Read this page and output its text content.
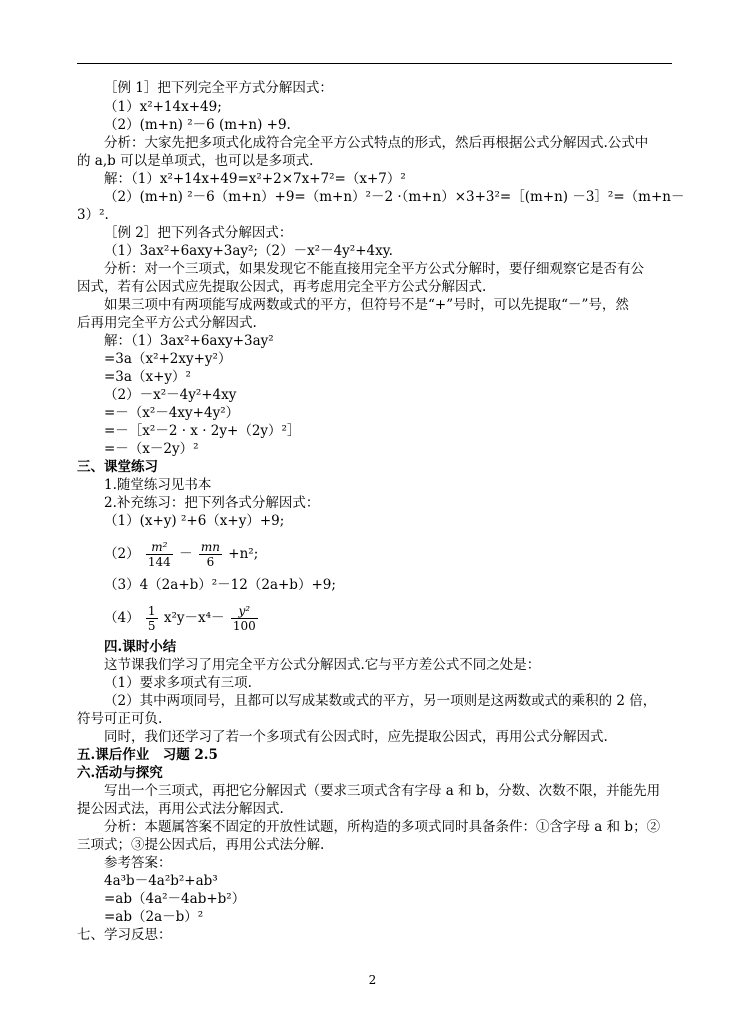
［例 1］把下列完全平方式分解因式：
（1）x²+14x+49;
（2）(m+n) ²－6 (m+n) +9.
分析：大家先把多项式化成符合完全平方公式特点的形式，然后再根据公式分解因式.公式中
的 a,b 可以是单项式，也可以是多项式.
解：（1）x²+14x+49=x²+2×7x+7²=（x+7）²
（2）(m+n) ²－6（m+n）+9=（m+n）²－2 ·（m+n）×3+3²=［(m+n) －3］²=（m+n－
3）².
［例 2］把下列各式分解因式：
（1）3ax²+6axy+3ay²;（2）－x²－4y²+4xy.
分析：对一个三项式，如果发现它不能直接用完全平方公式分解时，要仔细观察它是否有公
因式，若有公因式应先提取公因式，再考虑用完全平方公式分解因式.
如果三项中有两项能写成两数或式的平方，但符号不是“+”号时，可以先提取“－”号，然
后再用完全平方公式分解因式.
解：（1）3ax²+6axy+3ay²
=3a（x²+2xy+y²）
=3a（x+y）²
（2）－x²－4y²+4xy
=－（x²－4xy+4y²）
=－［x²－2 · x · 2y+（2y）²］
=－（x－2y）²
三、课堂练习
1.随堂练习见书本
2.补充练习：把下列各式分解因式：
（1）(x+y) ²+6（x+y）+9;
（3）4（2a+b）²－12（2a+b）+9;
四.课时小结
这节课我们学习了用完全平方公式分解因式.它与平方差公式不同之处是：
（1）要求多项式有三项.
（2）其中两项同号，且都可以写成某数或式的平方，另一项则是这两数或式的乘积的 2 倍，
符号可正可负.
同时，我们还学习了若一个多项式有公因式时，应先提取公因式，再用公式分解因式.
五.课后作业　习题 2.5
六.活动与探究
写出一个三项式，再把它分解因式（要求三项式含有字母 a 和 b，分数、次数不限，并能先用
提公因式法，再用公式法分解因式.
分析：本题属答案不固定的开放性试题，所构造的多项式同时具备条件：①含字母 a 和 b；②
三项式；③提公因式后，再用公式法分解.
参考答案：
4a³b－4a²b²+ab³
=ab（4a²－4ab+b²）
=ab（2a－b）²
七、学习反思：
$(2) \frac{\text{m²}}{144} - \frac{mn}{6} +n^2$;
$(4) \frac{1}{5} x^2y-x^4- \frac{\text{y²}}{100}$
2
